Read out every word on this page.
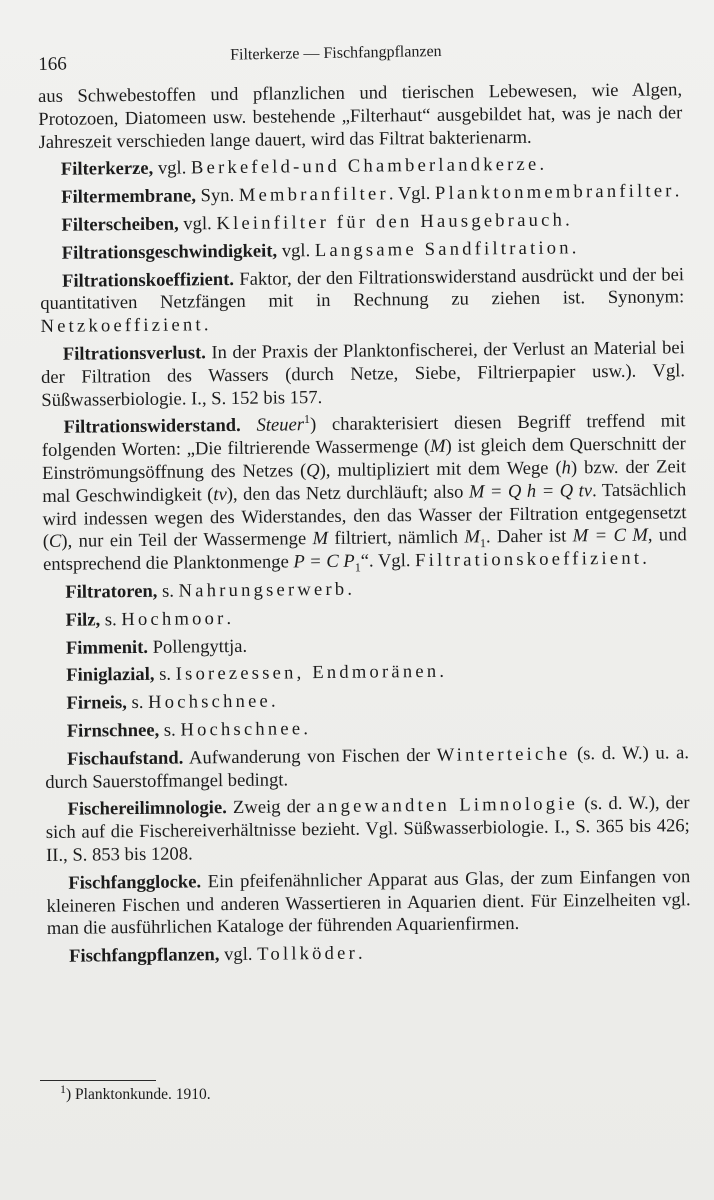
166
Filterkerze — Fischfangpflanzen

aus Schwebestoffen und pflanzlichen und tierischen Lebewesen, wie Algen, Protozoen, Diatomeen usw. bestehende „Filterhaut“ ausgebildet hat, was je nach der Jahreszeit verschieden lange dauert, wird das Filtrat bakterienarm.

Filterkerze, vgl. Berkefeld-und Chamberlandkerze.

Filtermembrane, Syn. Membranfilter. Vgl. Planktonmembranfilter.

Filterscheiben, vgl. Kleinfilter für den Hausgebrauch.

Filtrationsgeschwindigkeit, vgl. Langsame Sandfiltration.

Filtrationskoeffizient. Faktor, der den Filtrationswiderstand ausdrückt und der bei quantitativen Netzfängen mit in Rechnung zu ziehen ist. Synonym: Netzkoeffizient.

Filtrationsverlust. In der Praxis der Planktonfischerei, der Verlust an Material bei der Filtration des Wassers (durch Netze, Siebe, Filtrierpapier usw.). Vgl. Süßwasserbiologie. I., S. 152 bis 157.

Filtrationswiderstand. Steuer$^1$) charakterisiert diesen Begriff treffend mit folgenden Worten: „Die filtrierende Wassermenge (M) ist gleich dem Querschnitt der Einströmungsöffnung des Netzes (Q), multipliziert mit dem Wege (h) bzw. der Zeit mal Geschwindigkeit (tv), den das Netz durchläuft; also M = Q h = Q tv. Tatsächlich wird indessen wegen des Widerstandes, den das Wasser der Filtration entgegensetzt (C), nur ein Teil der Wassermenge M filtriert, nämlich $M_1$. Daher ist M = C M, und entsprechend die Planktonmenge P = C $P_1“$. Vgl. Filtrationskoeffizient.

Filtratoren, s. Nahrungserwerb.

Filz, s. Hochmoor.

Fimmenit. Pollengyttja.

Finiglazial, s. Isorezessen, Endmoränen.

Firneis, s. Hochschnee.

Firnschnee, s. Hochschnee.

Fischaufstand. Aufwanderung von Fischen der Winterteiche (s. d. W.) u. a. durch Sauerstoffmangel bedingt.

Fischereilimnologie. Zweig der angewandten Limnologie (s. d. W.), der sich auf die Fischereiverhältnisse bezieht. Vgl. Süßwasserbiologie. I., S. 365 bis 426; II., S. 853 bis 1208.

Fischfangglocke. Ein pfeifenähnlicher Apparat aus Glas, der zum Einfangen von kleineren Fischen und anderen Wassertieren in Aquarien dient. Für Einzelheiten vgl. man die ausführlichen Kataloge der führenden Aquarienfirmen.

Fischfangpflanzen, vgl. Tollköder.

$^1$) Planktonkunde. 1910.
